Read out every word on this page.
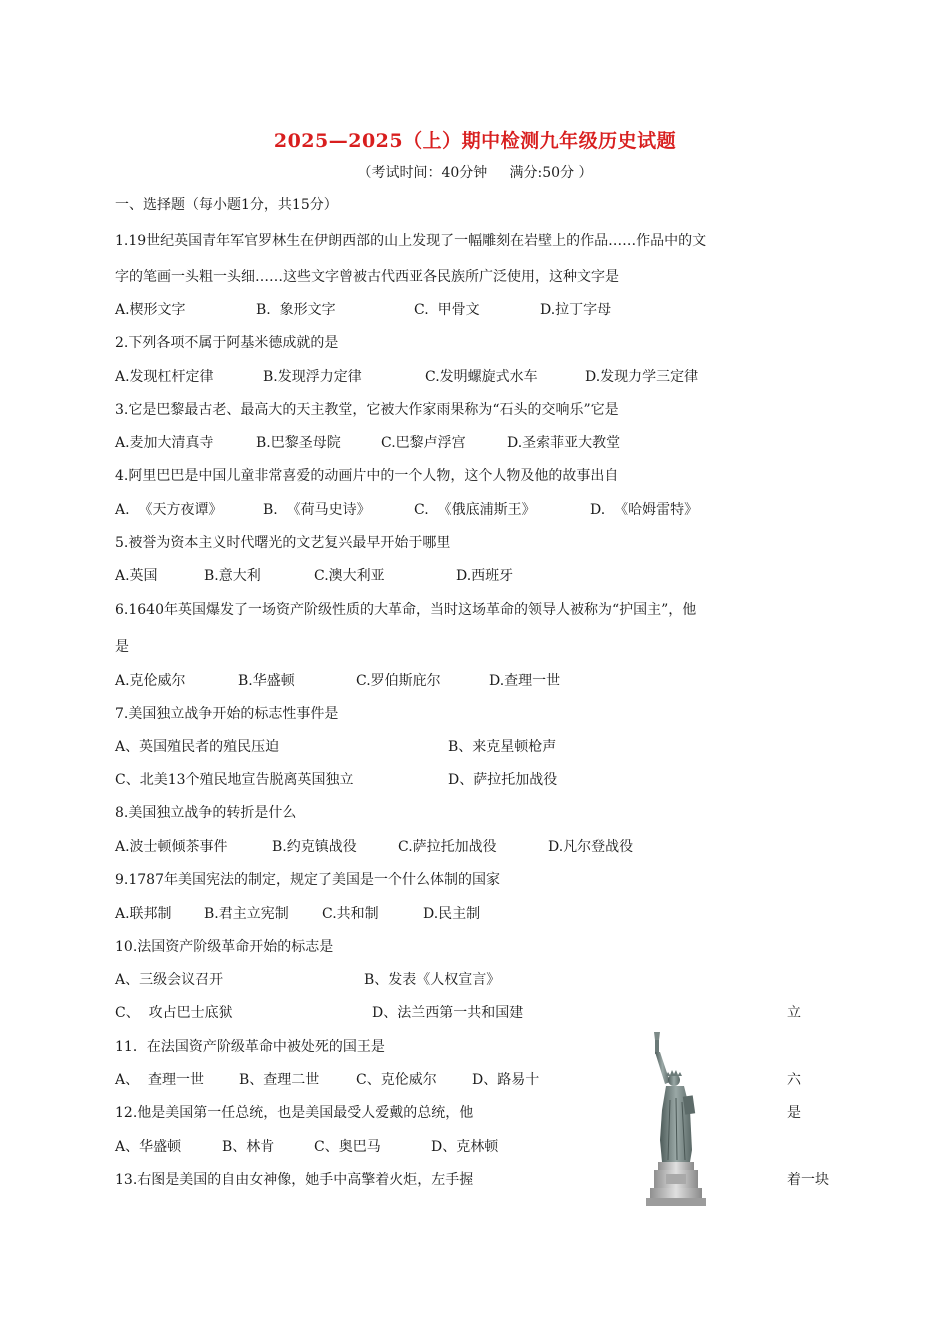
2025—2025（上）期中检测九年级历史试题
（考试时间：40分钟     满分:50分 ）
一、选择题（每小题1分，共15分）
1.19世纪英国青年军官罗林生在伊朗西部的山上发现了一幅雕刻在岩壁上的作品……作品中的文
字的笔画一头粗一头细……这些文字曾被古代西亚各民族所广泛使用，这种文字是
A.楔形文字	B.  象形文字	C.  甲骨文	D.拉丁字母
2.下列各项不属于阿基米德成就的是
A.发现杠杆定律	B.发现浮力定律	C.发明螺旋式水车	D.发现力学三定律
3.它是巴黎最古老、最高大的天主教堂，它被大作家雨果称为“石头的交响乐”它是
A.麦加大清真寺	B.巴黎圣母院	C.巴黎卢浮宫	D.圣索菲亚大教堂
4.阿里巴巴是中国儿童非常喜爱的动画片中的一个人物，这个人物及他的故事出自
A.  《天方夜谭》	B.  《荷马史诗》	C.  《俄底浦斯王》	D.  《哈姆雷特》
5.被誉为资本主义时代曙光的文艺复兴最早开始于哪里
A.英国	B.意大利	C.澳大利亚	D.西班牙
6.1640年英国爆发了一场资产阶级性质的大革命，当时这场革命的领导人被称为“护国主”，他
是
A.克伦威尔	B.华盛顿	C.罗伯斯庇尔	D.查理一世
7.美国独立战争开始的标志性事件是
A、英国殖民者的殖民压迫	B、来克星顿枪声
C、北美13个殖民地宣告脱离英国独立	D、萨拉托加战役
8.美国独立战争的转折是什么
A.波士顿倾茶事件	B.约克镇战役	C.萨拉托加战役	D.凡尔登战役
9.1787年美国宪法的制定，规定了美国是一个什么体制的国家
A.联邦制 B.君主立宪制 C.共和制	D.民主制
10.法国资产阶级革命开始的标志是
A、三级会议召开	B、发表《人权宣言》
C、  攻占巴士底狱	D、法兰西第一共和国建	立
11．在法国资产阶级革命中被处死的国王是
A、  查理一世 B、查理二世	C、克伦威尔	D、路易十	六
12.他是美国第一任总统，也是美国最受人爱戴的总统，他	是
A、华盛顿	B、林肯	C、奥巴马	D、克林顿
13.右图是美国的自由女神像，她手中高擎着火炬，左手握	着一块
